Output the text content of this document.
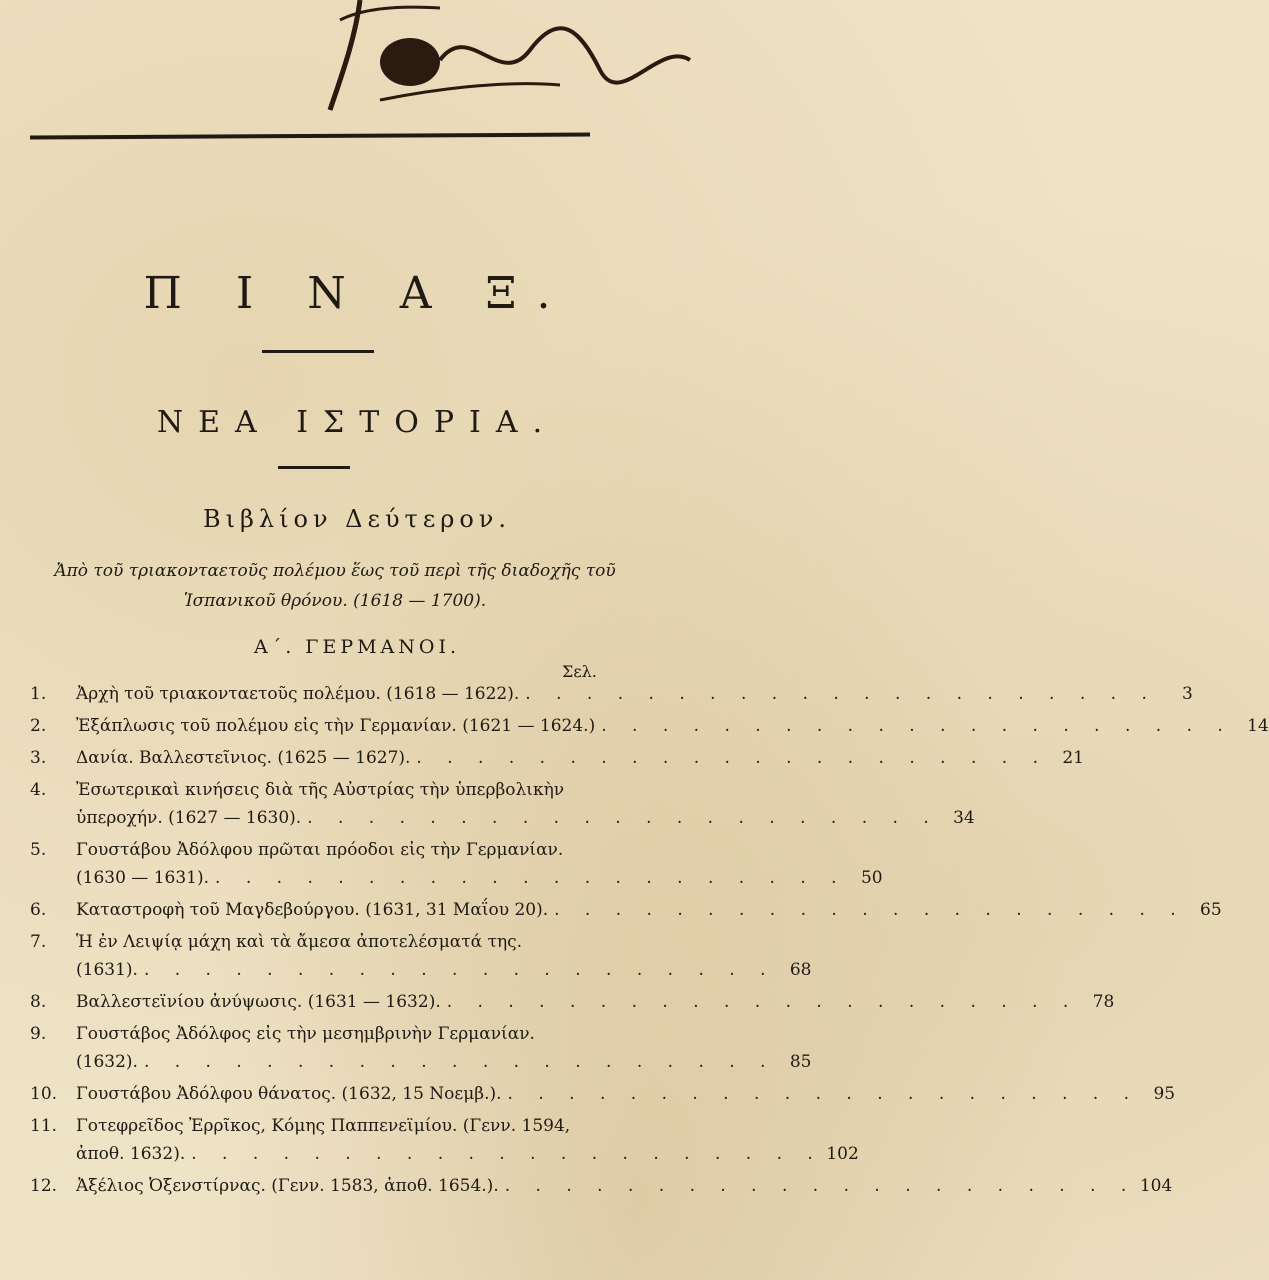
Π Ι Ν Α Ξ.
ΝΕΑ ΙΣΤΟΡΙΑ.
Βιβλίον Δεύτερον.
Ἀπὸ τοῦ τριακονταετοῦς πολέμου ἕως τοῦ περὶ τῆς διαδοχῆς τοῦ Ἱσπανικοῦ θρόνου. (1618 — 1700).
Α΄. ΓΕΡΜΑΝΟΙ.
Σελ.
1.	Ἀρχὴ τοῦ τριακονταετοῦς πολέμου. (1618 — 1622). . . . . . . . . . . . . . . . . . . . . .	3
2.	Ἐξάπλωσις τοῦ πολέμου εἰς τὴν Γερμανίαν. (1621 — 1624.) . . . . . . . . . . . . . . . . . . . . . 14
3.	Δανία. Βαλλεστεῖνιος. (1625 — 1627). . . . . . . . . . . . . . . . . . . . . . 21
4.	Ἐσωτερικαὶ κινήσεις διὰ τῆς Αὐστρίας τὴν ὑπερβολικὴν
ὑπεροχήν. (1627 — 1630). . . . . . . . . . . . . . . . . . . . . . 34
5.	Γουστάβου Ἀδόλφου πρῶται πρόοδοι εἰς τὴν Γερμανίαν.
(1630 — 1631). . . . . . . . . . . . . . . . . . . . . . 50
6.	Καταστροφὴ τοῦ Μαγδεβούργου. (1631, 31 Μαΐου 20). . . . . . . . . . . . . . . . . . . . . . 65
7.	Ἡ ἐν Λειψίᾳ μάχη καὶ τὰ ἄμεσα ἀποτελέσματά της.
(1631). . . . . . . . . . . . . . . . . . . . . . 68
8.	Βαλλεστεϊνίου ἀνύψωσις. (1631 — 1632). . . . . . . . . . . . . . . . . . . . . . 78
9.	Γουστάβος Ἀδόλφος εἰς τὴν μεσημβρινὴν Γερμανίαν.
(1632). . . . . . . . . . . . . . . . . . . . . . 85
10.	Γουστάβου Ἀδόλφου θάνατος. (1632, 15 Νοεμβ.). . . . . . . . . . . . . . . . . . . . . . 95
11.	Γοτεφρεῖδος Ἐρρῖκος, Κόμης Παππενεϊμίου. (Γενν. 1594,
ἀποθ. 1632). . . . . . . . . . . . . . . . . . . . . . 102
12.	Ἀξέλιος Ὀξενστίρνας. (Γενν. 1583, ἀποθ. 1654.). . . . . . . . . . . . . . . . . . . . . . 104
